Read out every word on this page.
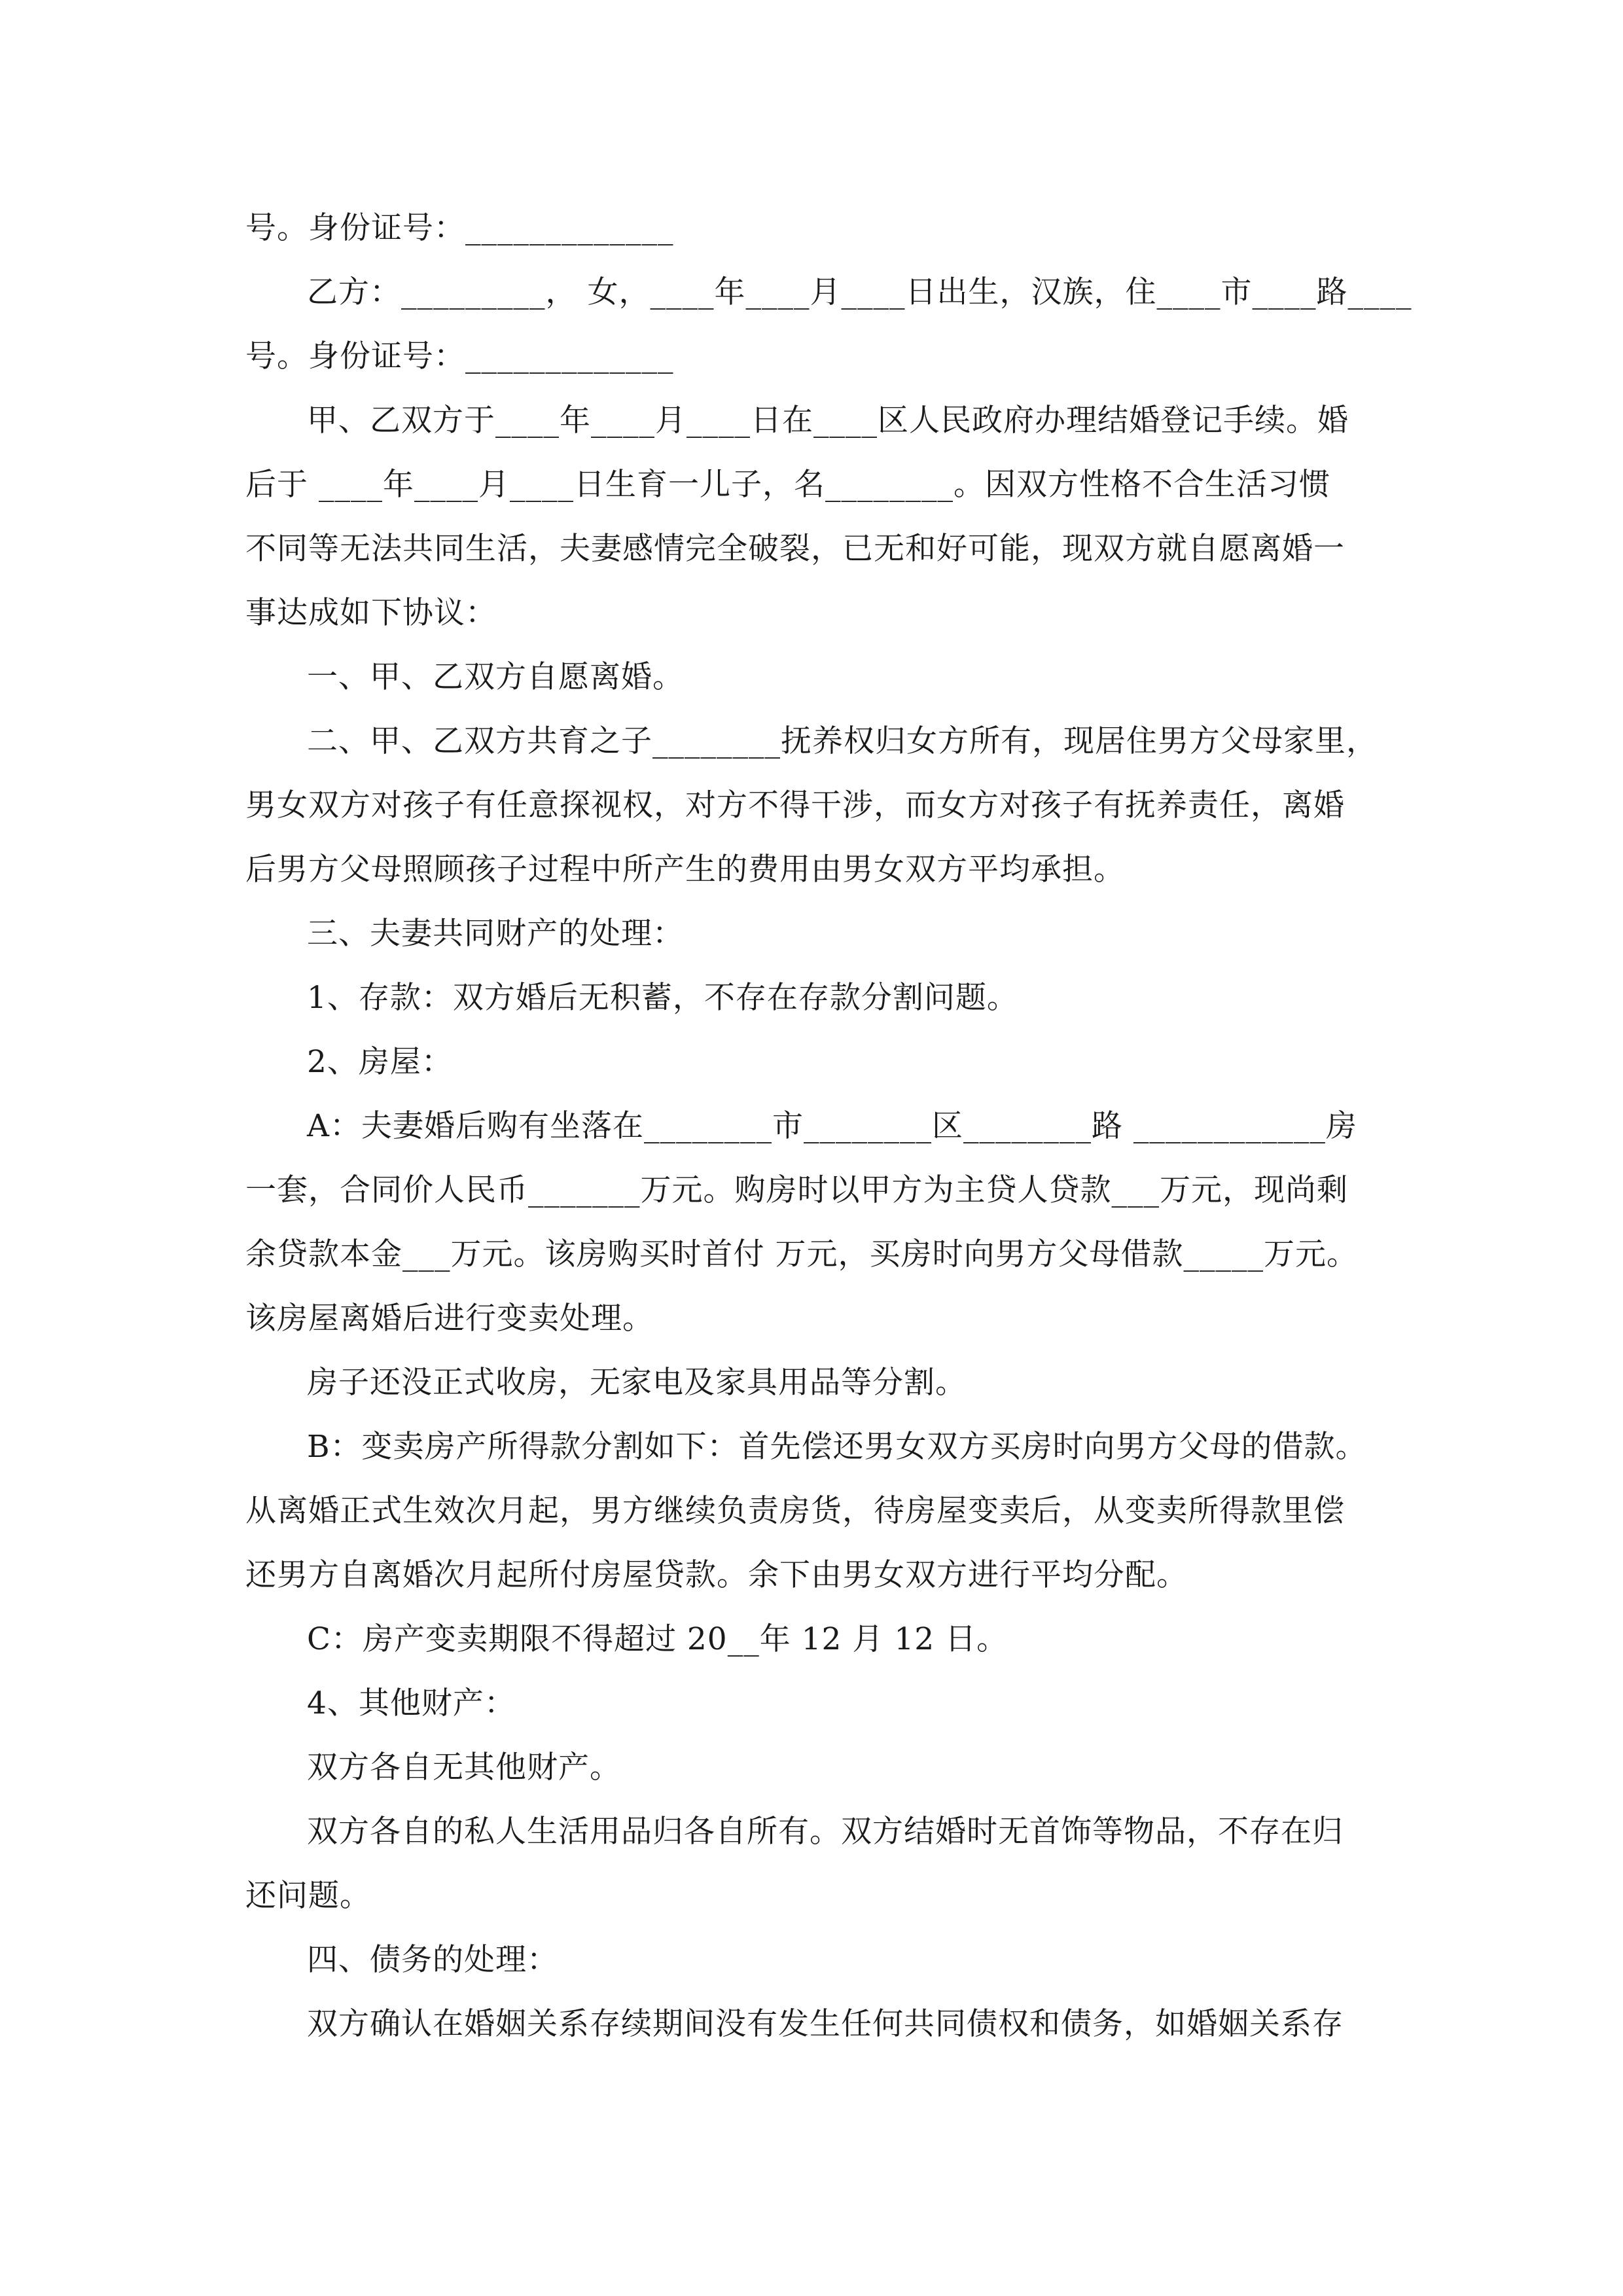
号。身份证号：_____________
乙方：_________， 女，____年____月____日出生，汉族，住____市____路____
号。身份证号：_____________
甲、乙双方于____年____月____日在____区人民政府办理结婚登记手续。婚
后于 ____年____月____日生育一儿子，名________。因双方性格不合生活习惯
不同等无法共同生活，夫妻感情完全破裂，已无和好可能，现双方就自愿离婚一
事达成如下协议：
一、甲、乙双方自愿离婚。
二、甲、乙双方共育之子________抚养权归女方所有，现居住男方父母家里，
男女双方对孩子有任意探视权，对方不得干涉，而女方对孩子有抚养责任，离婚
后男方父母照顾孩子过程中所产生的费用由男女双方平均承担。
三、夫妻共同财产的处理：
1、存款：双方婚后无积蓄，不存在存款分割问题。
2、房屋：
A：夫妻婚后购有坐落在________市________区________路 ____________房
一套，合同价人民币_______万元。购房时以甲方为主贷人贷款___万元，现尚剩
余贷款本金___万元。该房购买时首付 万元，买房时向男方父母借款_____万元。
该房屋离婚后进行变卖处理。
房子还没正式收房，无家电及家具用品等分割。
B：变卖房产所得款分割如下：首先偿还男女双方买房时向男方父母的借款。
从离婚正式生效次月起，男方继续负责房货，待房屋变卖后，从变卖所得款里偿
还男方自离婚次月起所付房屋贷款。余下由男女双方进行平均分配。
C：房产变卖期限不得超过 20__年 12 月 12 日。
4、其他财产：
双方各自无其他财产。
双方各自的私人生活用品归各自所有。双方结婚时无首饰等物品，不存在归
还问题。
四、债务的处理：
双方确认在婚姻关系存续期间没有发生任何共同债权和债务，如婚姻关系存
